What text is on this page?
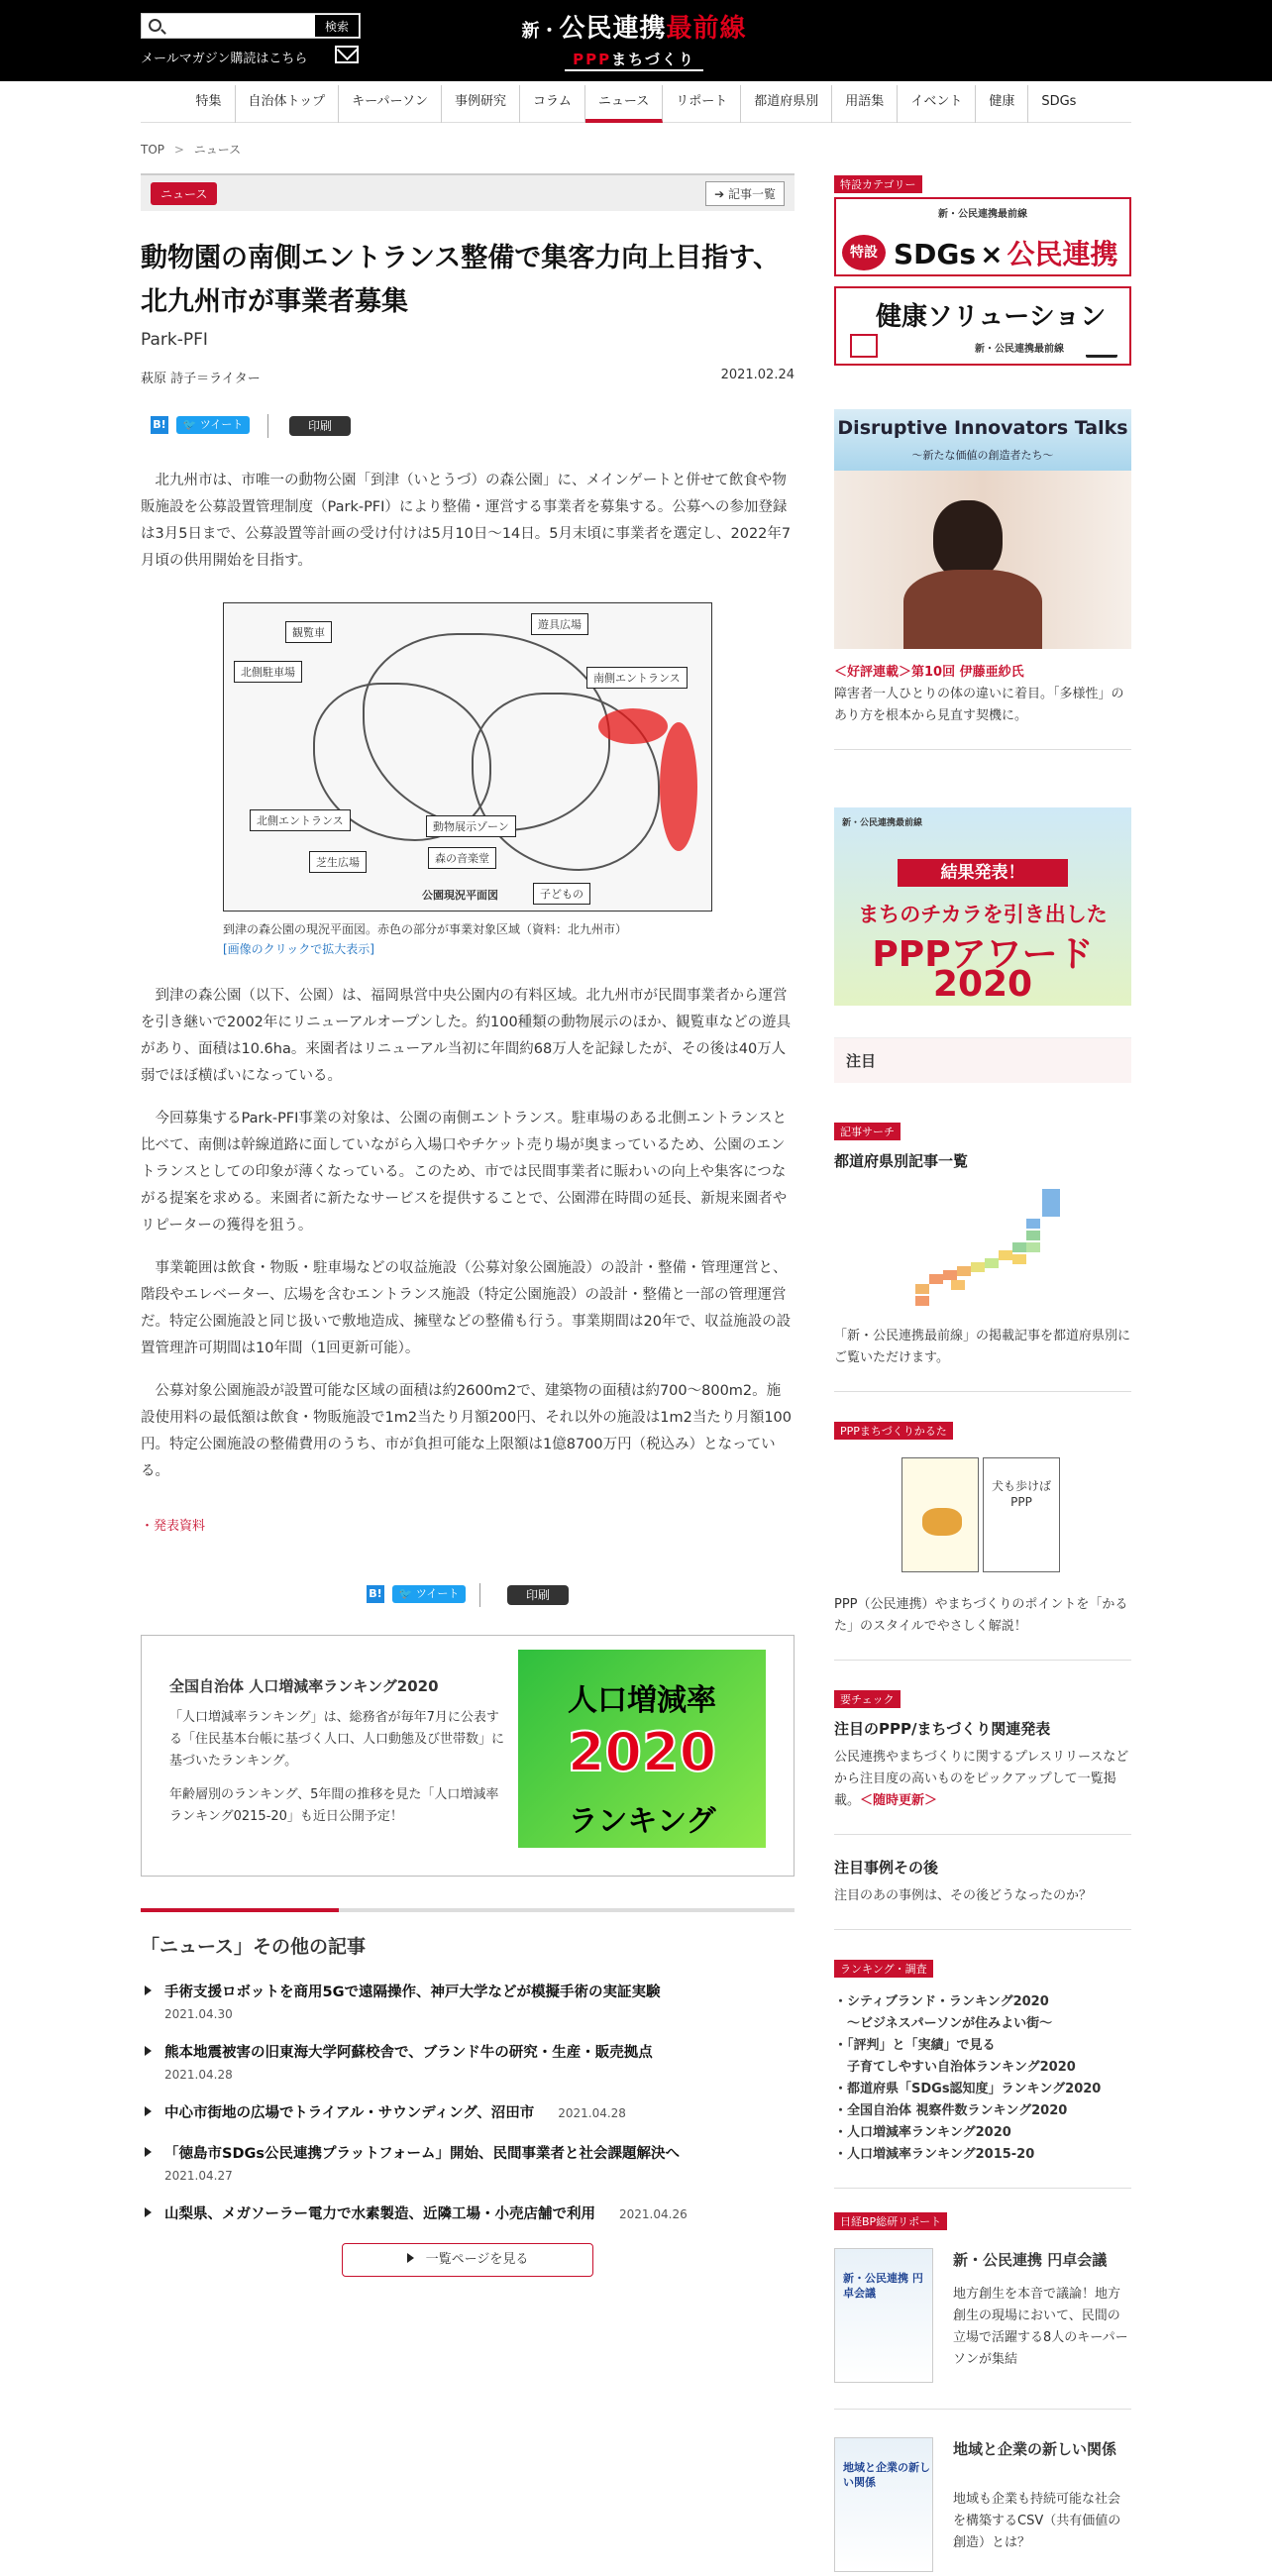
検索
メールマガジン購読はこちら
新・公民連携最前線
PPPまちづくり
特集	自治体トップ	キーパーソン	事例研究	コラム	ニュース	リポート	都道府県別	用語集	イベント	健康	SDGs
TOP > ニュース
ニュース	➔ 記事一覧
動物園の南側エントランス整備で集客力向上目指す、北九州市が事業者募集
Park-PFI
萩原 詩子＝ライター	2021.02.24
B!	🐦 ツイート	印刷

北九州市は、市唯一の動物公園「到津（いとうづ）の森公園」に、メインゲートと併せて飲食や物販施設を公募設置管理制度（Park-PFI）により整備・運営する事業者を募集する。公募への参加登録は3月5日まで、公募設置等計画の受け付けは5月10日〜14日。5月末頃に事業者を選定し、2022年7月頃の供用開始を目指す。

観覧車
遊具広場
北側駐車場	南側エントランス
北側エントランス
芝生広場
動物展示ゾーン
森の音楽堂
子どもの
公園現況平面図
到津の森公園の現況平面図。赤色の部分が事業対象区域（資料：北九州市）
[画像のクリックで拡大表示]

到津の森公園（以下、公園）は、福岡県営中央公園内の有料区域。北九州市が民間事業者から運営を引き継いで2002年にリニューアルオープンした。約100種類の動物展示のほか、観覧車などの遊具があり、面積は10.6ha。来園者はリニューアル当初に年間約68万人を記録したが、その後は40万人弱でほぼ横ばいになっている。

今回募集するPark-PFI事業の対象は、公園の南側エントランス。駐車場のある北側エントランスと比べて、南側は幹線道路に面していながら入場口やチケット売り場が奥まっているため、公園のエントランスとしての印象が薄くなっている。このため、市では民間事業者に賑わいの向上や集客につながる提案を求める。来園者に新たなサービスを提供することで、公園滞在時間の延長、新規来園者やリピーターの獲得を狙う。

事業範囲は飲食・物販・駐車場などの収益施設（公募対象公園施設）の設計・整備・管理運営と、階段やエレベーター、広場を含むエントランス施設（特定公園施設）の設計・整備と一部の管理運営だ。特定公園施設と同じ扱いで敷地造成、擁壁などの整備も行う。事業期間は20年で、収益施設の設置管理許可期間は10年間（1回更新可能）。

公募対象公園施設が設置可能な区域の面積は約2600m2で、建築物の面積は約700〜800m2。施設使用料の最低額は飲食・物販施設で1m2当たり月額200円、それ以外の施設は1m2当たり月額100円。特定公園施設の整備費用のうち、市が負担可能な上限額は1億8700万円（税込み）となっている。

・発表資料
B!	🐦 ツイート	印刷
全国自治体 人口増減率ランキング2020
「人口増減率ランキング」は、総務省が毎年7月に公表する「住民基本台帳に基づく人口、人口動態及び世帯数」に基づいたランキング。
年齢層別のランキング、5年間の推移を見た「人口増減率ランキング0215-20」も近日公開予定！
人口増減率
2020
ランキング
「ニュース」その他の記事
手術支援ロボットを商用5Gで遠隔操作、神戸大学などが模擬手術の実証実験
2021.04.30
熊本地震被害の旧東海大学阿蘇校舎で、ブランド牛の研究・生産・販売拠点
2021.04.28
中心市街地の広場でトライアル・サウンディング、沼田市 2021.04.28
「徳島市SDGs公民連携プラットフォーム」開始、民間事業者と社会課題解決へ
2021.04.27
山梨県、メガソーラー電力で水素製造、近隣工場・小売店舗で利用 2021.04.26
一覧ページを見る
特設カテゴリー
新・公民連携最前線
特設 SDGs × 公民連携
健康ソリューション
新・公民連携最前線
Disruptive Innovators Talks
〜新たな価値の創造者たち〜
＜好評連載＞第10回 伊藤亜紗氏
障害者一人ひとりの体の違いに着目。「多様性」のあり方を根本から見直す契機に。
新・公民連携最前線
結果発表！
まちのチカラを引き出した
PPPアワード
2020
注目
記事サーチ
都道府県別記事一覧

「新・公民連携最前線」の掲載記事を都道府県別にご覧いただけます。

PPPまちづくりかるた
犬も歩けばPPP

PPP（公民連携）やまちづくりのポイントを「かるた」のスタイルでやさしく解説！

要チェック
注目のPPP/まちづくり関連発表

公民連携やまちづくりに関するプレスリリースなどから注目度の高いものをピックアップして一覧掲載。＜随時更新＞

注目事例その後

注目のあの事例は、その後どうなったのか？

ランキング・調査
・シティブランド・ランキング2020
　〜ビジネスパーソンが住みよい街〜
・「評判」と「実績」で見る
　子育てしやすい自治体ランキング2020
・都道府県「SDGs認知度」ランキング2020
・全国自治体 視察件数ランキング2020
・人口増減率ランキング2020
・人口増減率ランキング2015-20
日経BP総研リポート
新・公民連携 円卓会議
新・公民連携 円卓会議
地方創生を本音で議論！地方創生の現場において、民間の立場で活躍する8人のキーパーソンが集結
地域と企業の新しい関係
地域と企業の新しい関係
地域も企業も持続可能な社会を構築するCSV（共有価値の創造）とは？
